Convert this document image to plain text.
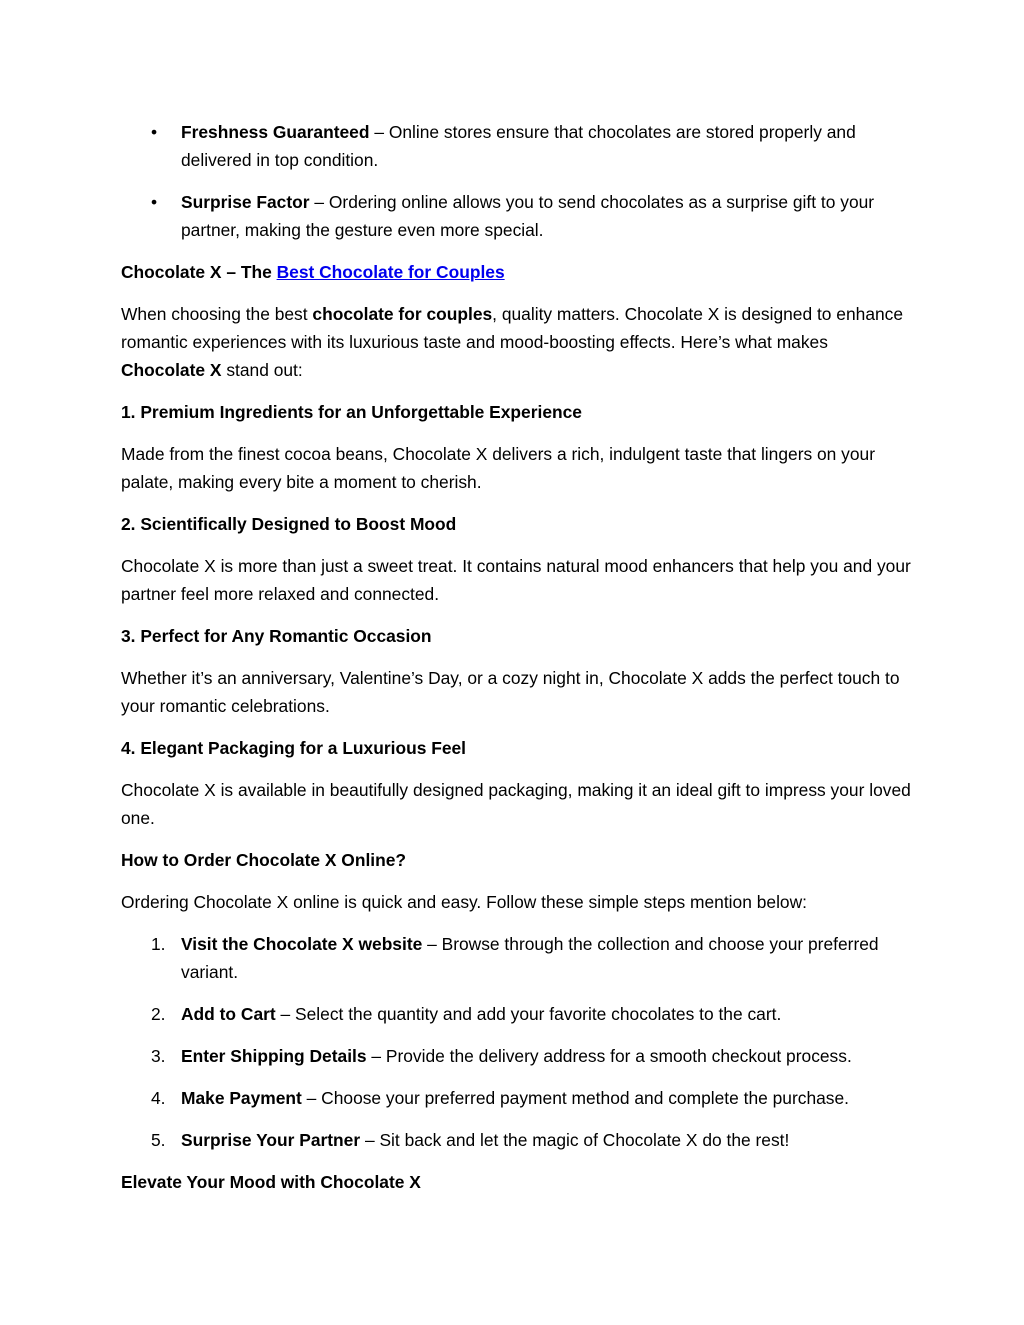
• Freshness Guaranteed – Online stores ensure that chocolates are stored properly and delivered in top condition.
• Surprise Factor – Ordering online allows you to send chocolates as a surprise gift to your partner, making the gesture even more special.

Chocolate X – The Best Chocolate for Couples

When choosing the best chocolate for couples, quality matters. Chocolate X is designed to enhance romantic experiences with its luxurious taste and mood-boosting effects. Here’s what makes Chocolate X stand out:

1. Premium Ingredients for an Unforgettable Experience

Made from the finest cocoa beans, Chocolate X delivers a rich, indulgent taste that lingers on your palate, making every bite a moment to cherish.

2. Scientifically Designed to Boost Mood

Chocolate X is more than just a sweet treat. It contains natural mood enhancers that help you and your partner feel more relaxed and connected.

3. Perfect for Any Romantic Occasion

Whether it’s an anniversary, Valentine’s Day, or a cozy night in, Chocolate X adds the perfect touch to your romantic celebrations.

4. Elegant Packaging for a Luxurious Feel

Chocolate X is available in beautifully designed packaging, making it an ideal gift to impress your loved one.

How to Order Chocolate X Online?

Ordering Chocolate X online is quick and easy. Follow these simple steps mention below:

1. Visit the Chocolate X website – Browse through the collection and choose your preferred variant.
2. Add to Cart – Select the quantity and add your favorite chocolates to the cart.
3. Enter Shipping Details – Provide the delivery address for a smooth checkout process.
4. Make Payment – Choose your preferred payment method and complete the purchase.
5. Surprise Your Partner – Sit back and let the magic of Chocolate X do the rest!

Elevate Your Mood with Chocolate X
